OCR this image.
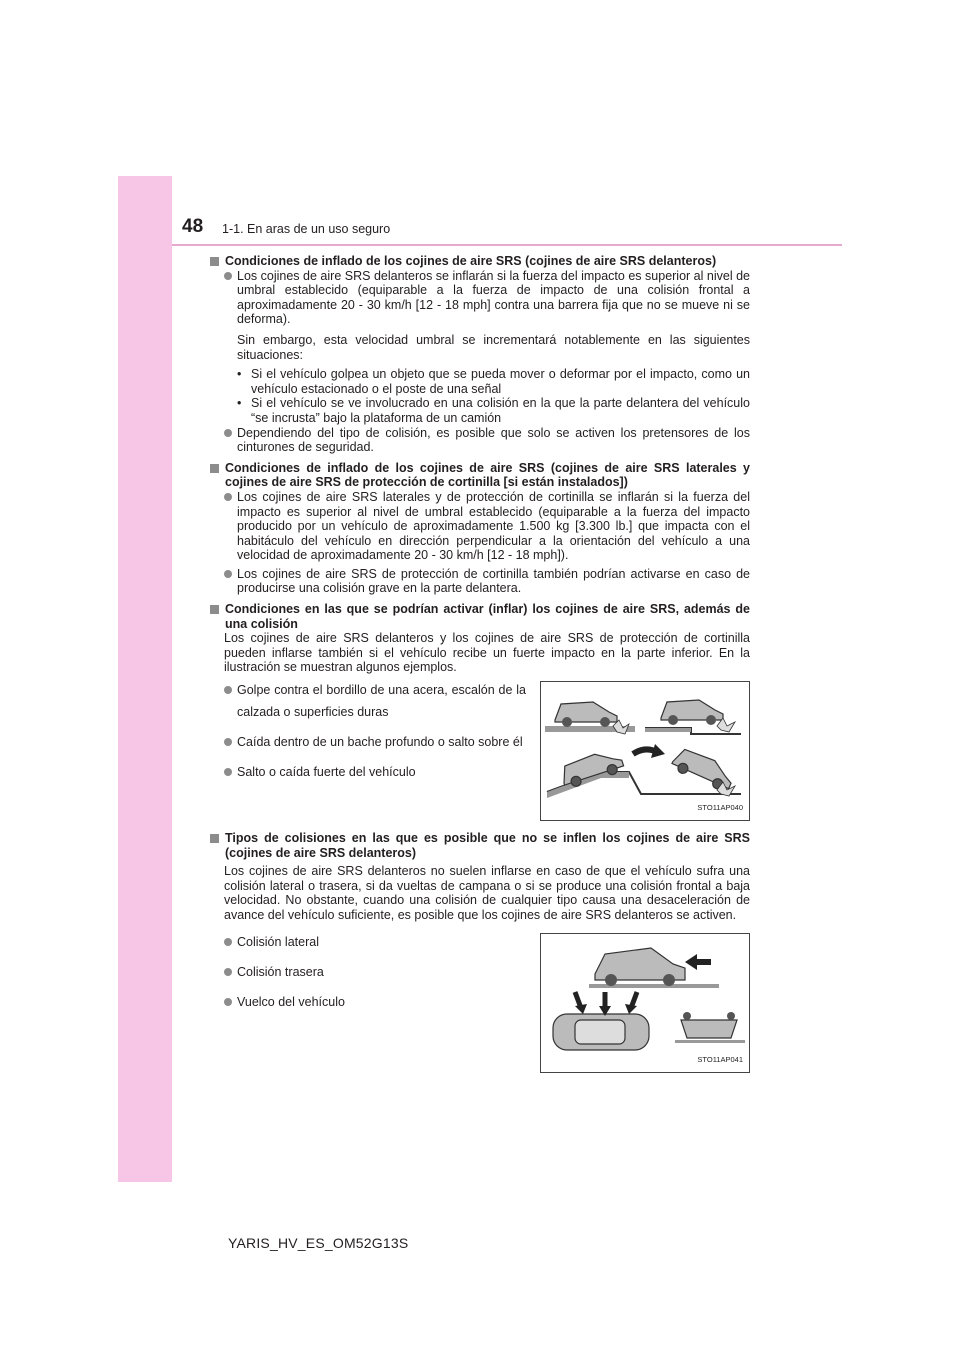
48 1-1. En aras de un uso seguro
Condiciones de inflado de los cojines de aire SRS (cojines de aire SRS delanteros)
Los cojines de aire SRS delanteros se inflarán si la fuerza del impacto es superior al nivel de umbral establecido (equiparable a la fuerza de impacto de una colisión frontal a aproximadamente 20 - 30 km/h [12 - 18 mph] contra una barrera fija que no se mueve ni se deforma).
Sin embargo, esta velocidad umbral se incrementará notablemente en las siguientes situaciones:
• Si el vehículo golpea un objeto que se pueda mover o deformar por el impacto, como un vehículo estacionado o el poste de una señal
• Si el vehículo se ve involucrado en una colisión en la que la parte delantera del vehículo “se incrusta” bajo la plataforma de un camión
Dependiendo del tipo de colisión, es posible que solo se activen los pretensores de los cinturones de seguridad.
Condiciones de inflado de los cojines de aire SRS (cojines de aire SRS laterales y cojines de aire SRS de protección de cortinilla [si están instalados])
Los cojines de aire SRS laterales y de protección de cortinilla se inflarán si la fuerza del impacto es superior al nivel de umbral establecido (equiparable a la fuerza del impacto producido por un vehículo de aproximadamente 1.500 kg [3.300 lb.] que impacta con el habitáculo del vehículo en dirección perpendicular a la orientación del vehículo a una velocidad de aproximadamente 20 - 30 km/h [12 - 18 mph]).
Los cojines de aire SRS de protección de cortinilla también podrían activarse en caso de producirse una colisión grave en la parte delantera.
Condiciones en las que se podrían activar (inflar) los cojines de aire SRS, además de una colisión
Los cojines de aire SRS delanteros y los cojines de aire SRS de protección de cortinilla pueden inflarse también si el vehículo recibe un fuerte impacto en la parte inferior. En la ilustración se muestran algunos ejemplos.
Golpe contra el bordillo de una acera, escalón de la calzada o superficies duras
Caída dentro de un bache profundo o salto sobre él
Salto o caída fuerte del vehículo
STO11AP040
Tipos de colisiones en las que es posible que no se inflen los cojines de aire SRS (cojines de aire SRS delanteros)
Los cojines de aire SRS delanteros no suelen inflarse en caso de que el vehículo sufra una colisión lateral o trasera, si da vueltas de campana o si se produce una colisión frontal a baja velocidad. No obstante, cuando una colisión de cualquier tipo causa una desaceleración de avance del vehículo suficiente, es posible que los cojines de aire SRS delanteros se activen.
Colisión lateral
Colisión trasera
Vuelco del vehículo
STO11AP041
YARIS_HV_ES_OM52G13S
